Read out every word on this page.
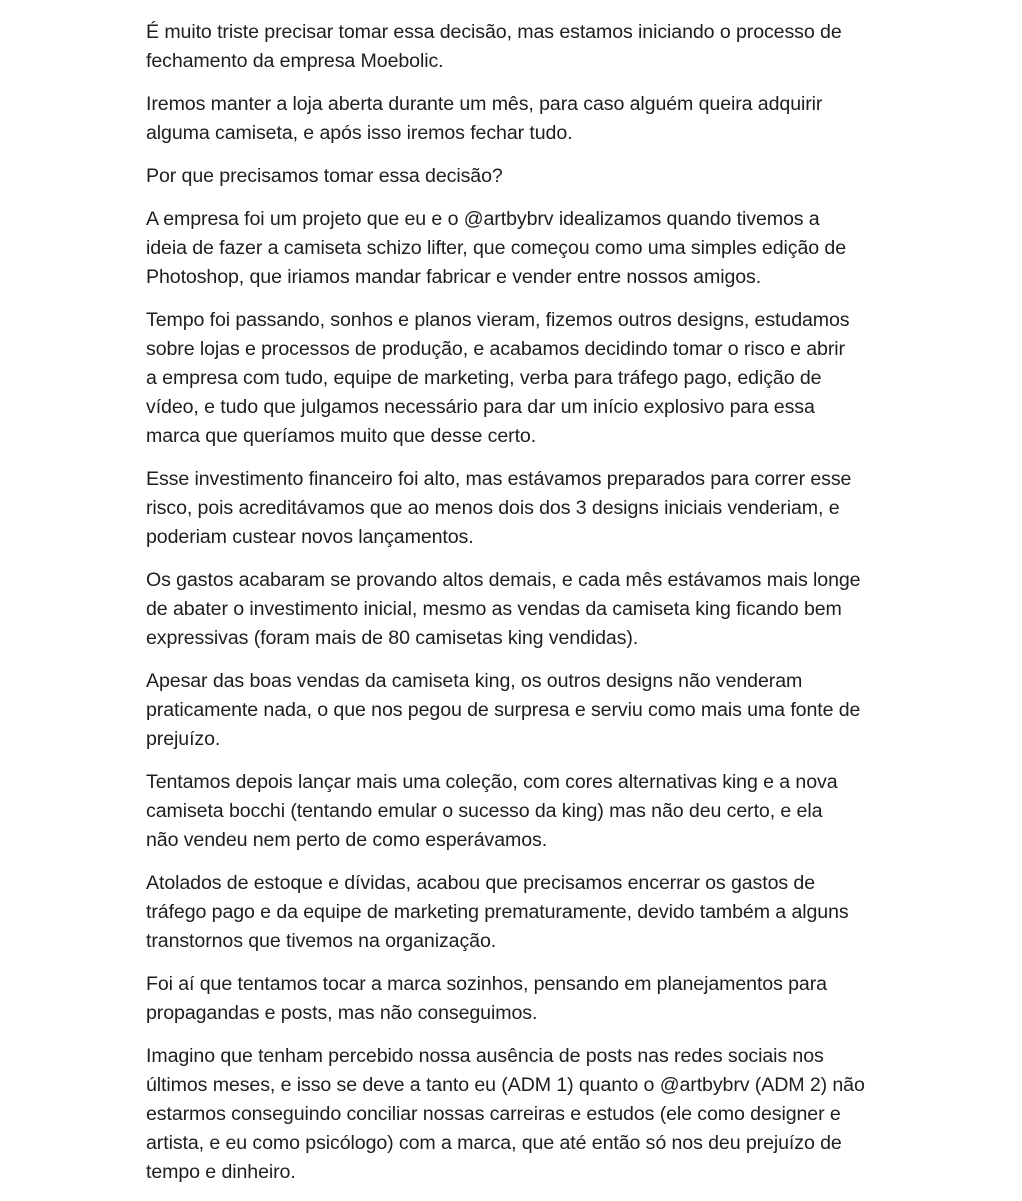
É muito triste precisar tomar essa decisão, mas estamos iniciando o processo de
fechamento da empresa Moebolic.

Iremos manter a loja aberta durante um mês, para caso alguém queira adquirir
alguma camiseta, e após isso iremos fechar tudo.

Por que precisamos tomar essa decisão?

A empresa foi um projeto que eu e o @artbybrv idealizamos quando tivemos a
ideia de fazer a camiseta schizo lifter, que começou como uma simples edição de
Photoshop, que iriamos mandar fabricar e vender entre nossos amigos.

Tempo foi passando, sonhos e planos vieram, fizemos outros designs, estudamos
sobre lojas e processos de produção, e acabamos decidindo tomar o risco e abrir
a empresa com tudo, equipe de marketing, verba para tráfego pago, edição de
vídeo, e tudo que julgamos necessário para dar um início explosivo para essa
marca que queríamos muito que desse certo.

Esse investimento financeiro foi alto, mas estávamos preparados para correr esse
risco, pois acreditávamos que ao menos dois dos 3 designs iniciais venderiam, e
poderiam custear novos lançamentos.

Os gastos acabaram se provando altos demais, e cada mês estávamos mais longe
de abater o investimento inicial, mesmo as vendas da camiseta king ficando bem
expressivas (foram mais de 80 camisetas king vendidas).

Apesar das boas vendas da camiseta king, os outros designs não venderam
praticamente nada, o que nos pegou de surpresa e serviu como mais uma fonte de
prejuízo.

Tentamos depois lançar mais uma coleção, com cores alternativas king e a nova
camiseta bocchi (tentando emular o sucesso da king) mas não deu certo, e ela
não vendeu nem perto de como esperávamos.

Atolados de estoque e dívidas, acabou que precisamos encerrar os gastos de
tráfego pago e da equipe de marketing prematuramente, devido também a alguns
transtornos que tivemos na organização.

Foi aí que tentamos tocar a marca sozinhos, pensando em planejamentos para
propagandas e posts, mas não conseguimos.

Imagino que tenham percebido nossa ausência de posts nas redes sociais nos
últimos meses, e isso se deve a tanto eu (ADM 1) quanto o @artbybrv (ADM 2) não
estarmos conseguindo conciliar nossas carreiras e estudos (ele como designer e
artista, e eu como psicólogo) com a marca, que até então só nos deu prejuízo de
tempo e dinheiro.
